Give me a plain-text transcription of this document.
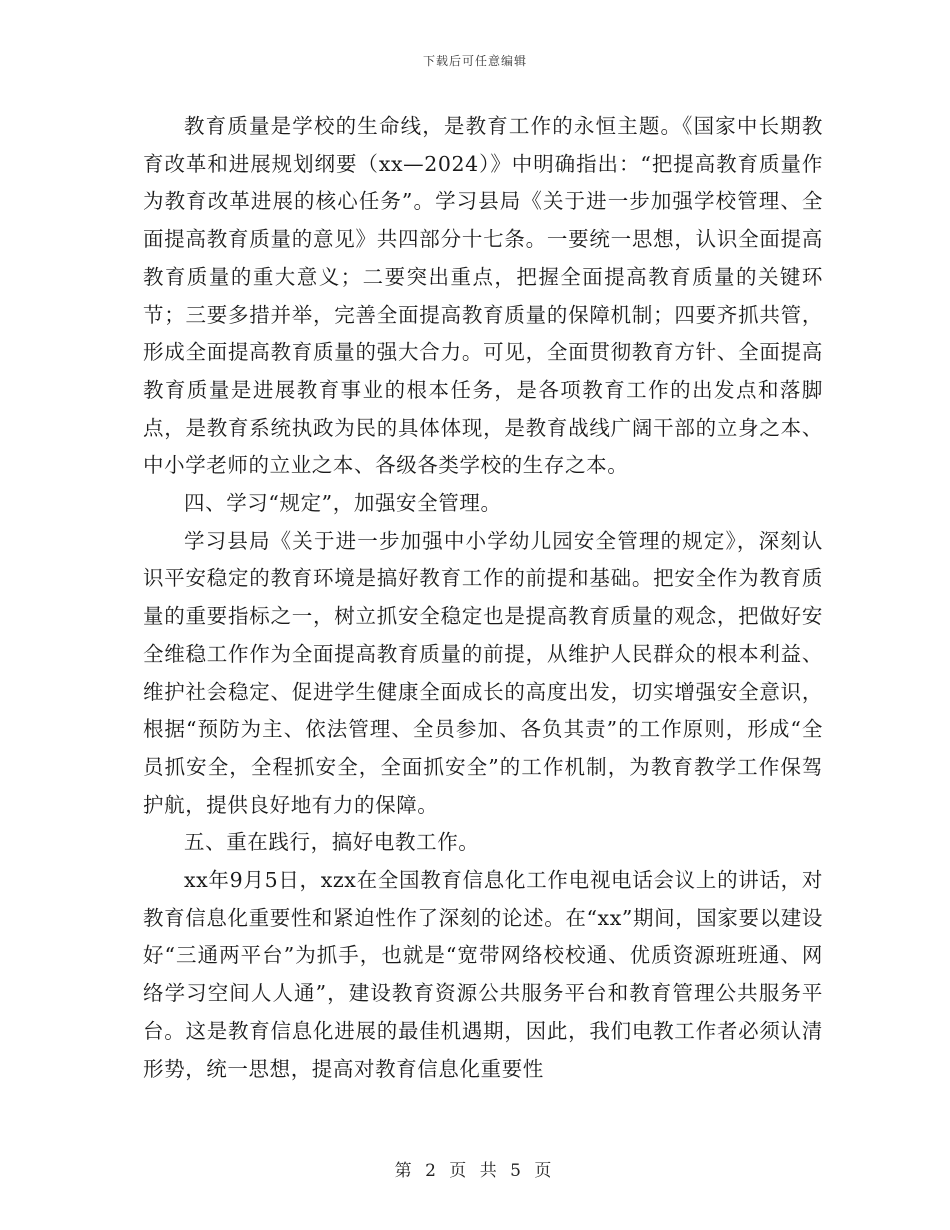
下载后可任意编辑

教育质量是学校的生命线，是教育工作的永恒主题。《国家中长期教育改革和进展规划纲要（xx—2024）》中明确指出：“把提高教育质量作为教育改革进展的核心任务”。学习县局《关于进一步加强学校管理、全面提高教育质量的意见》共四部分十七条。一要统一思想，认识全面提高教育质量的重大意义；二要突出重点，把握全面提高教育质量的关键环节；三要多措并举，完善全面提高教育质量的保障机制；四要齐抓共管，形成全面提高教育质量的强大合力。可见，全面贯彻教育方针、全面提高教育质量是进展教育事业的根本任务，是各项教育工作的出发点和落脚点，是教育系统执政为民的具体体现，是教育战线广阔干部的立身之本、中小学老师的立业之本、各级各类学校的生存之本。

四、学习“规定”，加强安全管理。

学习县局《关于进一步加强中小学幼儿园安全管理的规定》，深刻认识平安稳定的教育环境是搞好教育工作的前提和基础。把安全作为教育质量的重要指标之一，树立抓安全稳定也是提高教育质量的观念，把做好安全维稳工作作为全面提高教育质量的前提，从维护人民群众的根本利益、维护社会稳定、促进学生健康全面成长的高度出发，切实增强安全意识，根据“预防为主、依法管理、全员参加、各负其责”的工作原则，形成“全员抓安全，全程抓安全，全面抓安全”的工作机制，为教育教学工作保驾护航，提供良好地有力的保障。

五、重在践行，搞好电教工作。

xx年9月5日，xzx在全国教育信息化工作电视电话会议上的讲话，对教育信息化重要性和紧迫性作了深刻的论述。在“xx”期间，国家要以建设好“三通两平台”为抓手，也就是“宽带网络校校通、优质资源班班通、网络学习空间人人通”，建设教育资源公共服务平台和教育管理公共服务平台。这是教育信息化进展的最佳机遇期，因此，我们电教工作者必须认清形势，统一思想，提高对教育信息化重要性

第 2 页 共 5 页
